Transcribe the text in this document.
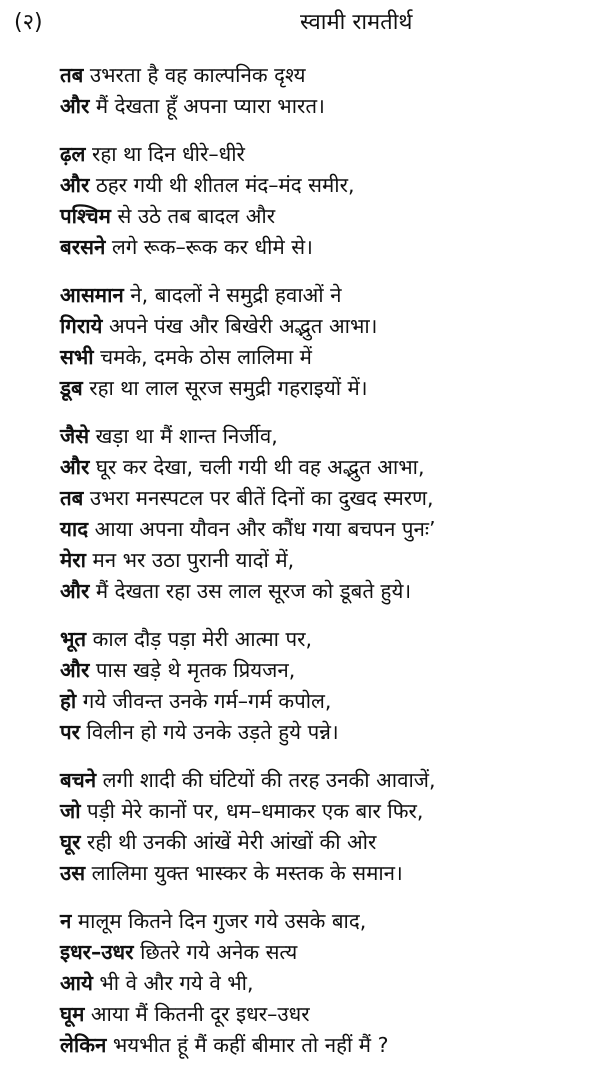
(२)	स्वामी रामतीर्थ
तब उभरता है वह काल्पनिक दृश्य
और मैं देखता हूँ अपना प्यारा भारत।
ढ़ल रहा था दिन धीरे–धीरे
और ठहर गयी थी शीतल मंद–मंद समीर,
पश्चिम से उठे तब बादल और
बरसने लगे रूक–रूक कर धीमे से।
आसमान ने, बादलों ने समुद्री हवाओं ने
गिराये अपने पंख और बिखेरी अद्भुत आभा।
सभी चमके, दमके ठोस लालिमा में
डूब रहा था लाल सूरज समुद्री गहराइयों में।
जैसे खड़ा था मैं शान्त निर्जीव,
और घूर कर देखा, चली गयी थी वह अद्भुत आभा,
तब उभरा मनस्पटल पर बीतें दिनों का दुखद स्मरण,
याद आया अपना यौवन और कौंध गया बचपन पुनः’
मेरा मन भर उठा पुरानी यादों में,
और मैं देखता रहा उस लाल सूरज को डूबते हुये।
भूत काल दौड़ पड़ा मेरी आत्मा पर,
और पास खड़े थे मृतक प्रियजन,
हो गये जीवन्त उनके गर्म–गर्म कपोल,
पर विलीन हो गये उनके उड़ते हुये पन्ने।
बचने लगी शादी की घंटियों की तरह उनकी आवाजें,
जो पड़ी मेरे कानों पर, धम–धमाकर एक बार फिर,
घूर रही थी उनकी आंखें मेरी आंखों की ओर
उस लालिमा युक्त भास्कर के मस्तक के समान।
न मालूम कितने दिन गुजर गये उसके बाद,
इधर–उधर छितरे गये अनेक सत्य
आये भी वे और गये वे भी,
घूम आया मैं कितनी दूर इधर–उधर
लेकिन भयभीत हूं मैं कहीं बीमार तो नहीं मैं ?
